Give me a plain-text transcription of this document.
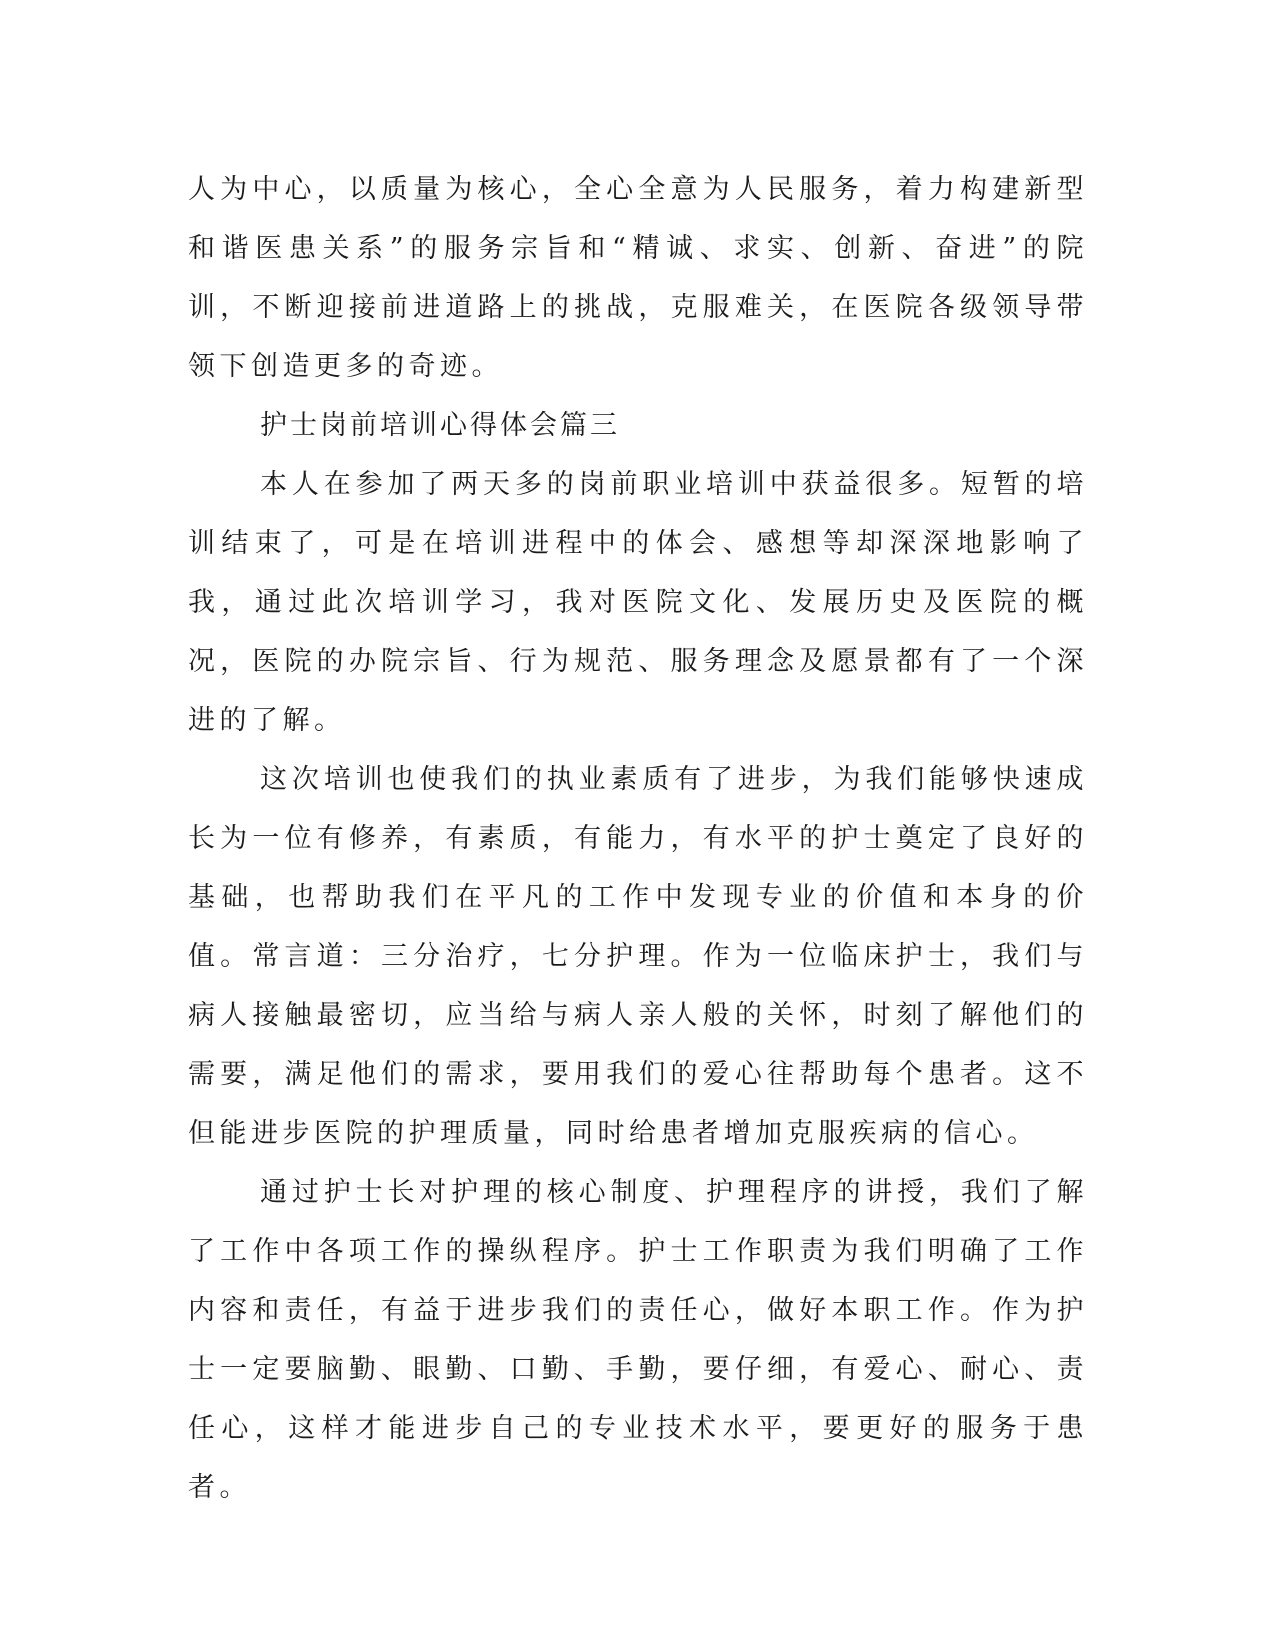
人为中心，以质量为核心，全心全意为人民服务，着力构建新型和谐医患关系”的服务宗旨和“精诚、求实、创新、奋进”的院训，不断迎接前进道路上的挑战，克服难关，在医院各级领导带领下创造更多的奇迹。

护士岗前培训心得体会篇三

本人在参加了两天多的岗前职业培训中获益很多。短暂的培训结束了，可是在培训进程中的体会、感想等却深深地影响了我，通过此次培训学习，我对医院文化、发展历史及医院的概况，医院的办院宗旨、行为规范、服务理念及愿景都有了一个深进的了解。

这次培训也使我们的执业素质有了进步，为我们能够快速成长为一位有修养，有素质，有能力，有水平的护士奠定了良好的基础，也帮助我们在平凡的工作中发现专业的价值和本身的价值。常言道：三分治疗，七分护理。作为一位临床护士，我们与病人接触最密切，应当给与病人亲人般的关怀，时刻了解他们的需要，满足他们的需求，要用我们的爱心往帮助每个患者。这不但能进步医院的护理质量，同时给患者增加克服疾病的信心。

通过护士长对护理的核心制度、护理程序的讲授，我们了解了工作中各项工作的操纵程序。护士工作职责为我们明确了工作内容和责任，有益于进步我们的责任心，做好本职工作。作为护士一定要脑勤、眼勤、口勤、手勤，要仔细，有爱心、耐心、责任心，这样才能进步自己的专业技术水平，要更好的服务于患者。
